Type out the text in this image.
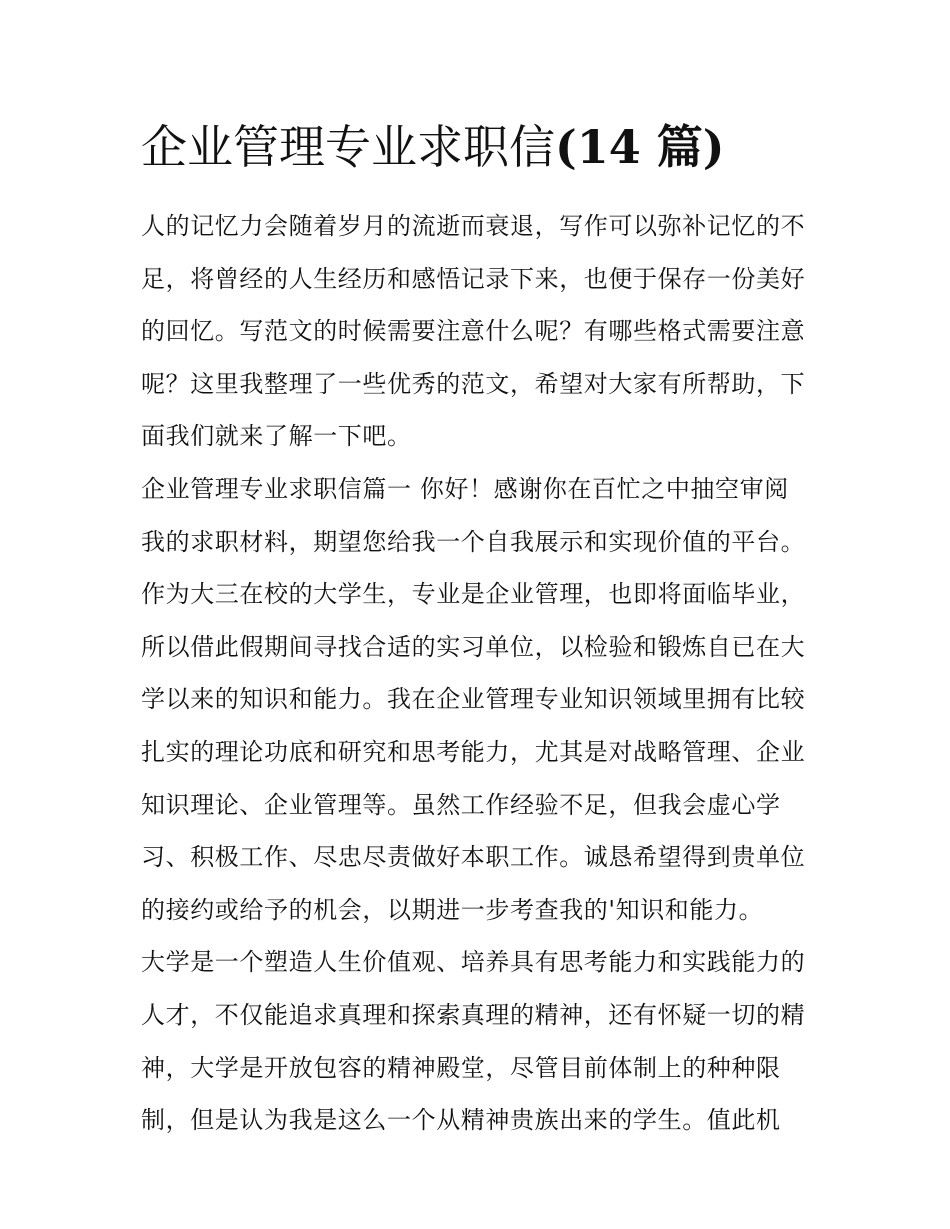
企业管理专业求职信(14 篇)
人的记忆力会随着岁月的流逝而衰退，写作可以弥补记忆的不
足，将曾经的人生经历和感悟记录下来，也便于保存一份美好
的回忆。写范文的时候需要注意什么呢？有哪些格式需要注意
呢？这里我整理了一些优秀的范文，希望对大家有所帮助，下
面我们就来了解一下吧。
企业管理专业求职信篇一 你好！感谢你在百忙之中抽空审阅
我的求职材料，期望您给我一个自我展示和实现价值的平台。
作为大三在校的大学生，专业是企业管理，也即将面临毕业，
所以借此假期间寻找合适的实习单位，以检验和锻炼自已在大
学以来的知识和能力。我在企业管理专业知识领域里拥有比较
扎实的理论功底和研究和思考能力，尤其是对战略管理、企业
知识理论、企业管理等。虽然工作经验不足，但我会虚心学
习、积极工作、尽忠尽责做好本职工作。诚恳希望得到贵单位
的接约或给予的机会，以期进一步考查我的'知识和能力。
大学是一个塑造人生价值观、培养具有思考能力和实践能力的
人才，不仅能追求真理和探索真理的精神，还有怀疑一切的精
神，大学是开放包容的精神殿堂，尽管目前体制上的种种限
制，但是认为我是这么一个从精神贵族出来的学生。值此机
